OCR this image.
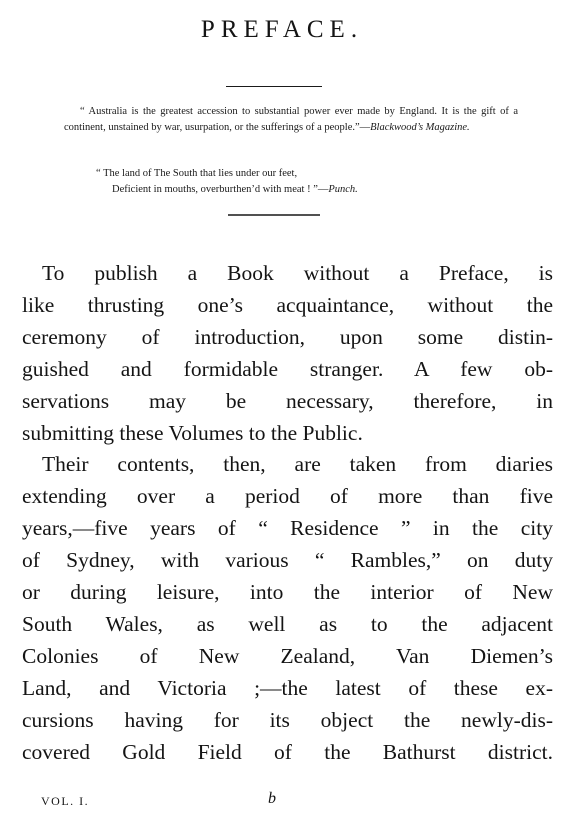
PREFACE.
“ Australia is the greatest accession to substantial power ever made by England. It is the gift of a continent, unstained by war, usurpation, or the sufferings of a people.”—Blackwood’s Magazine.
“ The land of The South that lies under our feet,
Deficient in mouths, overburthen’d with meat ! ”—Punch.
To publish a Book without a Preface, is
like thrusting one’s acquaintance, without the
ceremony of introduction, upon some distin-
guished and formidable stranger. A few ob-
servations may be necessary, therefore, in
submitting these Volumes to the Public.
Their contents, then, are taken from diaries
extending over a period of more than five
years,—five years of “ Residence ” in the city
of Sydney, with various “ Rambles,” on duty
or during leisure, into the interior of New
South Wales, as well as to the adjacent
Colonies of New Zealand, Van Diemen’s
Land, and Victoria ;—the latest of these ex-
cursions having for its object the newly-dis-
covered Gold Field of the Bathurst district.
VOL. I.	b
